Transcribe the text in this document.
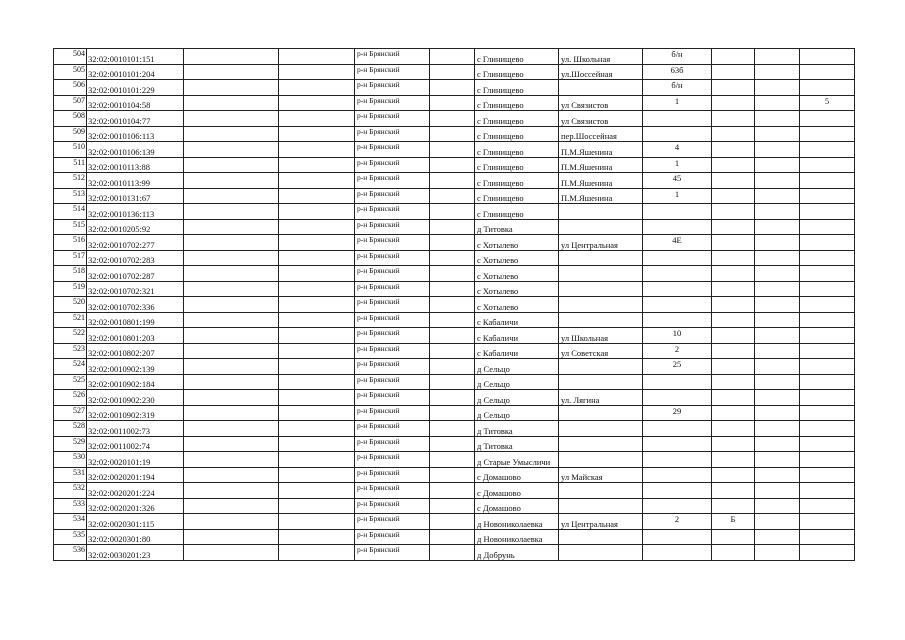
504	32:02:0010101:151			р-н Брянский		с Глинищево	ул. Школьная	б/н			
505	32:02:0010101:204			р-н Брянский		с Глинищево	ул.Шоссейная	63б			
506	32:02:0010101:229			р-н Брянский		с Глинищево		б/н			
507	32:02:0010104:58			р-н Брянский		с Глинищево	ул Связистов	1			5
508	32:02:0010104:77			р-н Брянский		с Глинищево	ул Связистов				
509	32:02:0010106:113			р-н Брянский		с Глинищево	пер.Шоссейная				
510	32:02:0010106:139			р-н Брянский		с Глинищево	П.М.Яшенина	4			
511	32:02:0010113:88			р-н Брянский		с Глинищево	П.М.Яшенина	1			
512	32:02:0010113:99			р-н Брянский		с Глинищево	П.М.Яшенина	45			
513	32:02:0010131:67			р-н Брянский		с Глинищево	П.М.Яшенина	1			
514	32:02:0010136:113			р-н Брянский		с Глинищево					
515	32:02:0010205:92			р-н Брянский		д Титовка					
516	32:02:0010702:277			р-н Брянский		с Хотылево	ул Центральная	4Е			
517	32:02:0010702:283			р-н Брянский		с Хотылево					
518	32:02:0010702:287			р-н Брянский		с Хотылево					
519	32:02:0010702:321			р-н Брянский		с Хотылево					
520	32:02:0010702:336			р-н Брянский		с Хотылево					
521	32:02:0010801:199			р-н Брянский		с Кабаличи					
522	32:02:0010801:203			р-н Брянский		с Кабаличи	ул Школьная	10			
523	32:02:0010802:207			р-н Брянский		с Кабаличи	ул Советская	2			
524	32:02:0010902:139			р-н Брянский		д Сельцо		25			
525	32:02:0010902:184			р-н Брянский		д Сельцо					
526	32:02:0010902:230			р-н Брянский		д Сельцо	ул. Лягина				
527	32:02:0010902:319			р-н Брянский		д Сельцо		29			
528	32:02:0011002:73			р-н Брянский		д Титовка					
529	32:02:0011002:74			р-н Брянский		д Титовка					
530	32:02:0020101:19			р-н Брянский		д Старые Умысличи					
531	32:02:0020201:194			р-н Брянский		с Домашово	ул Майская				
532	32:02:0020201:224			р-н Брянский		с Домашово					
533	32:02:0020201:326			р-н Брянский		с Домашово					
534	32:02:0020301:115			р-н Брянский		д Новониколаевка	ул Центральная	2	Б		
535	32:02:0020301:80			р-н Брянский		д Новониколаевка					
536	32:02:0030201:23			р-н Брянский		д Добрунь					
